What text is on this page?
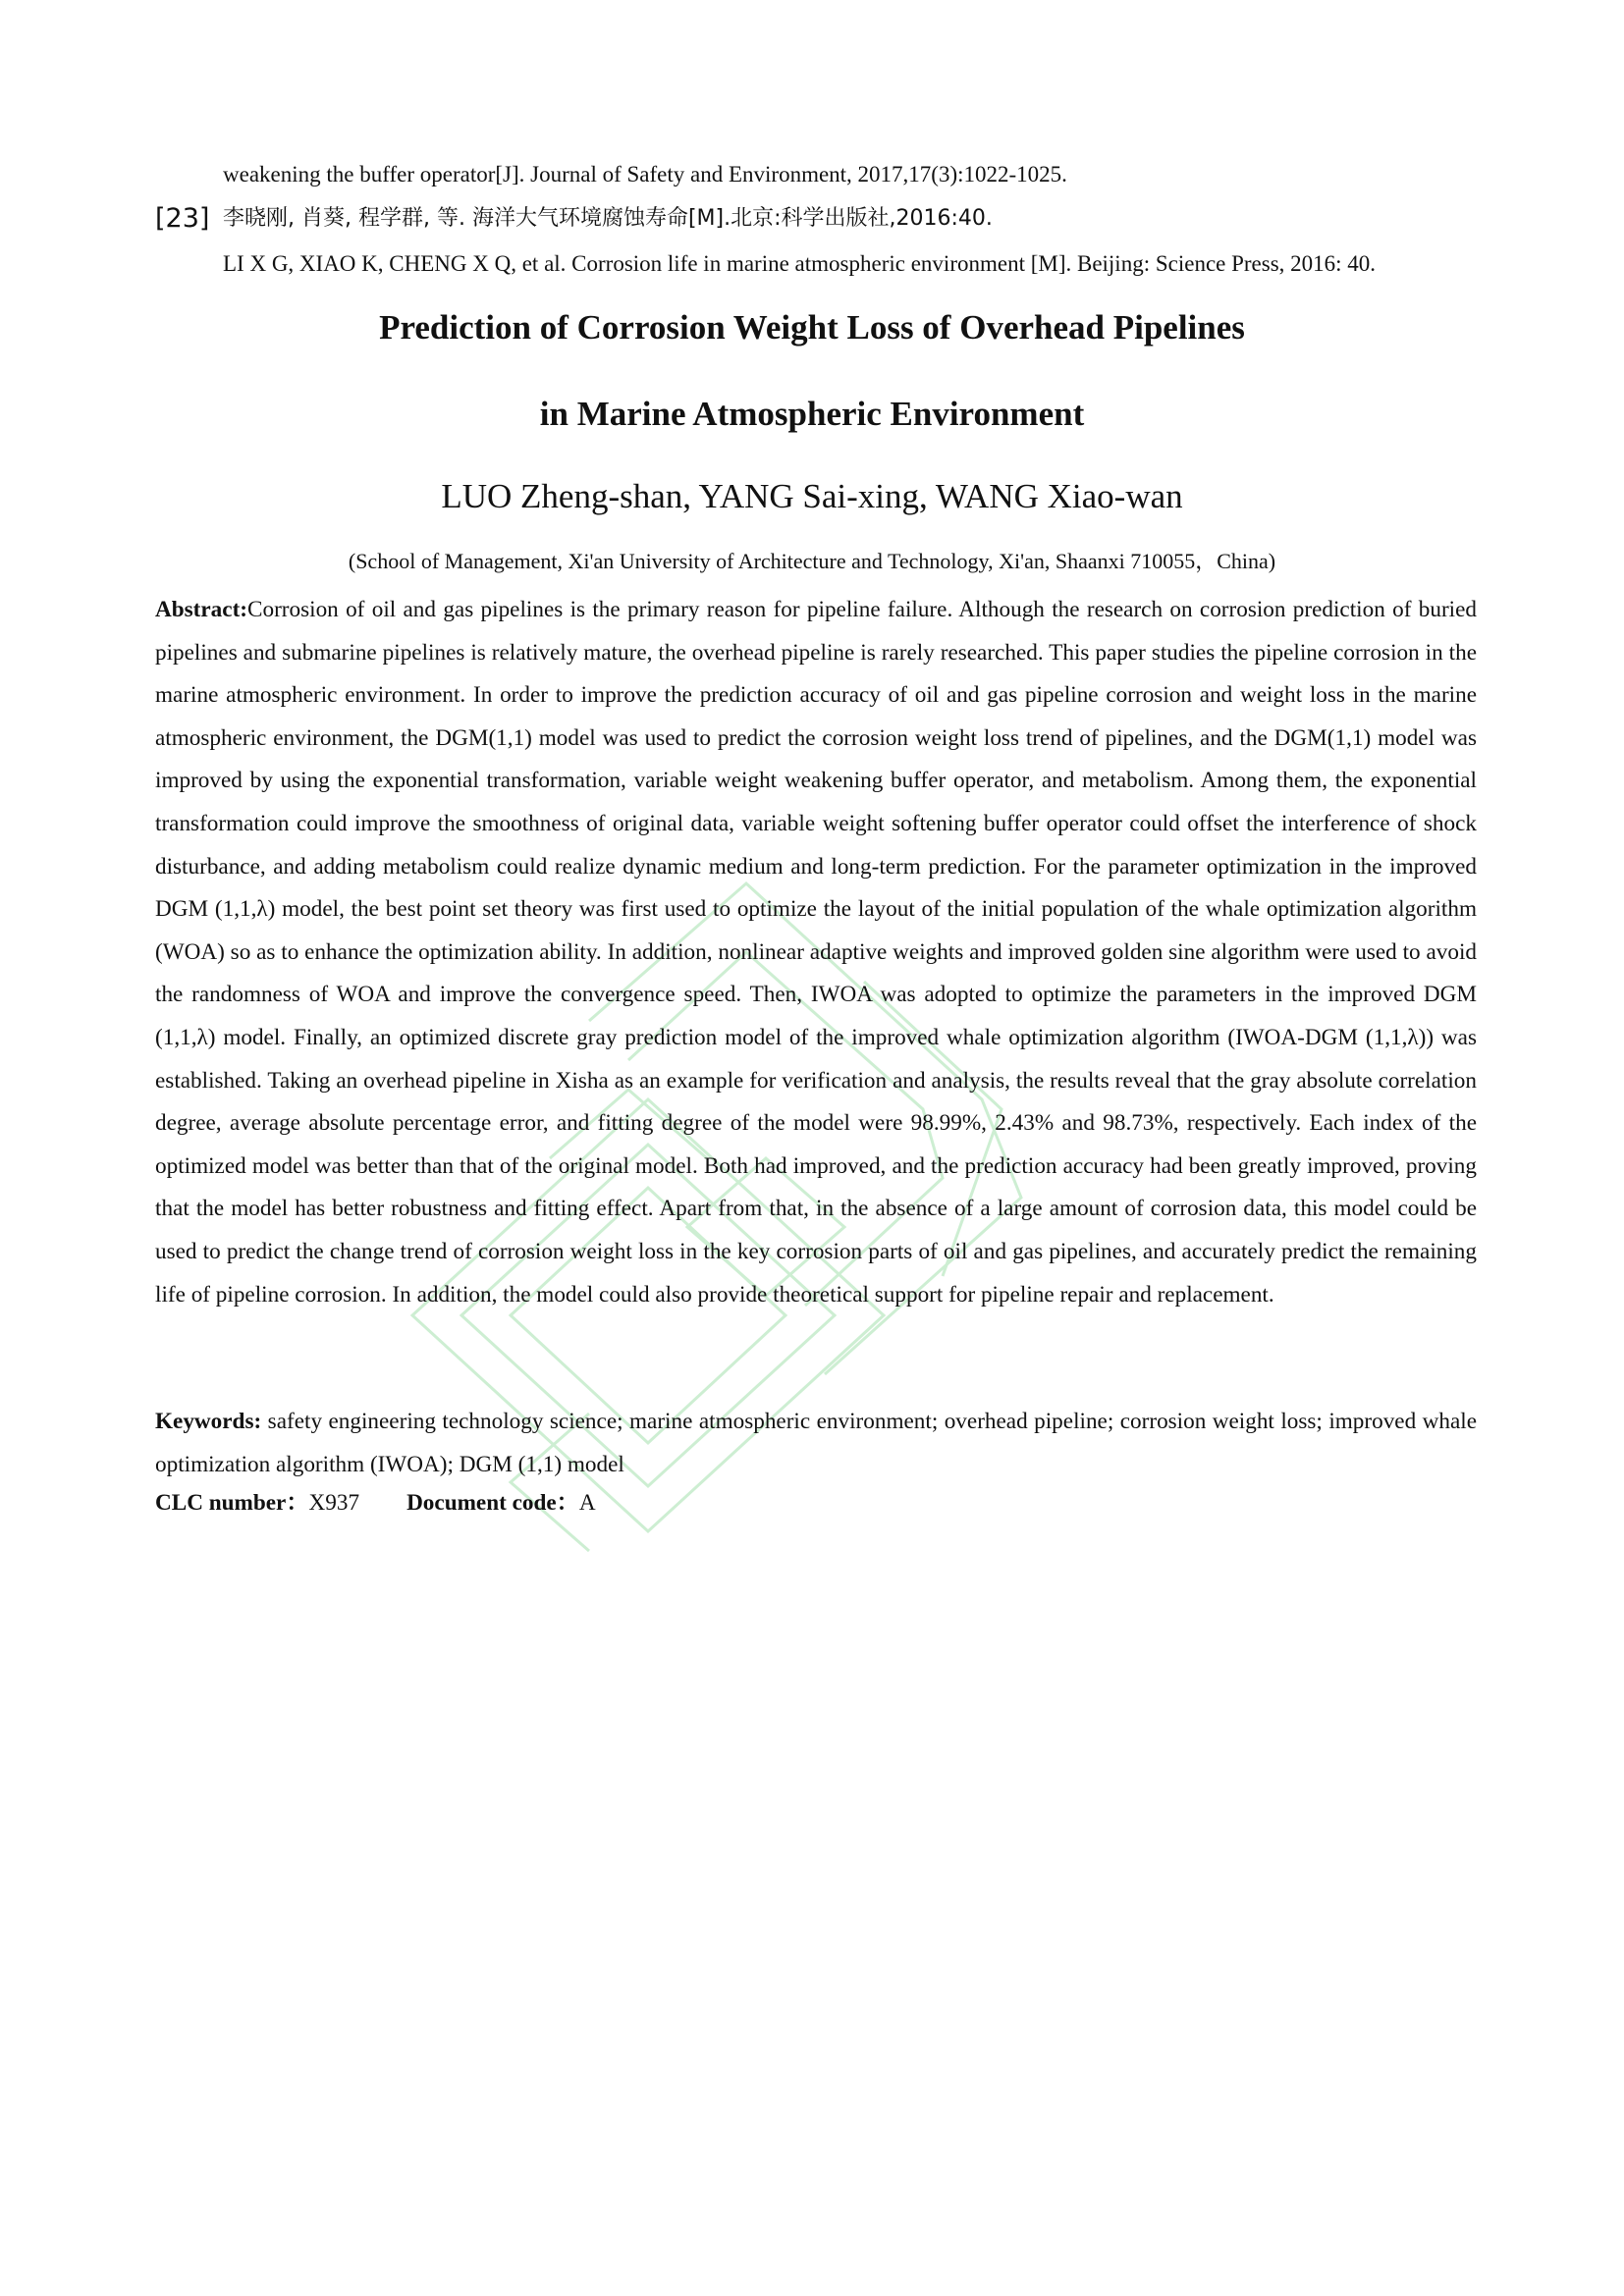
weakening the buffer operator[J]. Journal of Safety and Environment, 2017,17(3):1022-1025.
[23] 李晓刚, 肖葵, 程学群, 等. 海洋大气环境腐蚀寿命[M].北京:科学出版社,2016:40.
LI X G, XIAO K, CHENG X Q, et al. Corrosion life in marine atmospheric environment [M]. Beijing: Science Press, 2016: 40.
Prediction of Corrosion Weight Loss of Overhead Pipelines
in Marine Atmospheric Environment
LUO Zheng-shan, YANG Sai-xing, WANG Xiao-wan
(School of Management, Xi'an University of Architecture and Technology, Xi'an, Shaanxi 710055，China)
Abstract:Corrosion of oil and gas pipelines is the primary reason for pipeline failure. Although the research on corrosion prediction of buried pipelines and submarine pipelines is relatively mature, the overhead pipeline is rarely researched. This paper studies the pipeline corrosion in the marine atmospheric environment. In order to improve the prediction accuracy of oil and gas pipeline corrosion and weight loss in the marine atmospheric environment, the DGM(1,1) model was used to predict the corrosion weight loss trend of pipelines, and the DGM(1,1) model was improved by using the exponential transformation, variable weight weakening buffer operator, and metabolism. Among them, the exponential transformation could improve the smoothness of original data, variable weight softening buffer operator could offset the interference of shock disturbance, and adding metabolism could realize dynamic medium and long-term prediction. For the parameter optimization in the improved DGM (1,1,λ) model, the best point set theory was first used to optimize the layout of the initial population of the whale optimization algorithm (WOA) so as to enhance the optimization ability. In addition, nonlinear adaptive weights and improved golden sine algorithm were used to avoid the randomness of WOA and improve the convergence speed. Then, IWOA was adopted to optimize the parameters in the improved DGM (1,1,λ) model. Finally, an optimized discrete gray prediction model of the improved whale optimization algorithm (IWOA-DGM (1,1,λ)) was established. Taking an overhead pipeline in Xisha as an example for verification and analysis, the results reveal that the gray absolute correlation degree, average absolute percentage error, and fitting degree of the model were 98.99%, 2.43% and 98.73%, respectively. Each index of the optimized model was better than that of the original model. Both had improved, and the prediction accuracy had been greatly improved, proving that the model has better robustness and fitting effect. Apart from that, in the absence of a large amount of corrosion data, this model could be used to predict the change trend of corrosion weight loss in the key corrosion parts of oil and gas pipelines, and accurately predict the remaining life of pipeline corrosion. In addition, the model could also provide theoretical support for pipeline repair and replacement.
Keywords: safety engineering technology science; marine atmospheric environment; overhead pipeline; corrosion weight loss; improved whale optimization algorithm (IWOA); DGM (1,1) model
CLC number：X937 Document code：A
